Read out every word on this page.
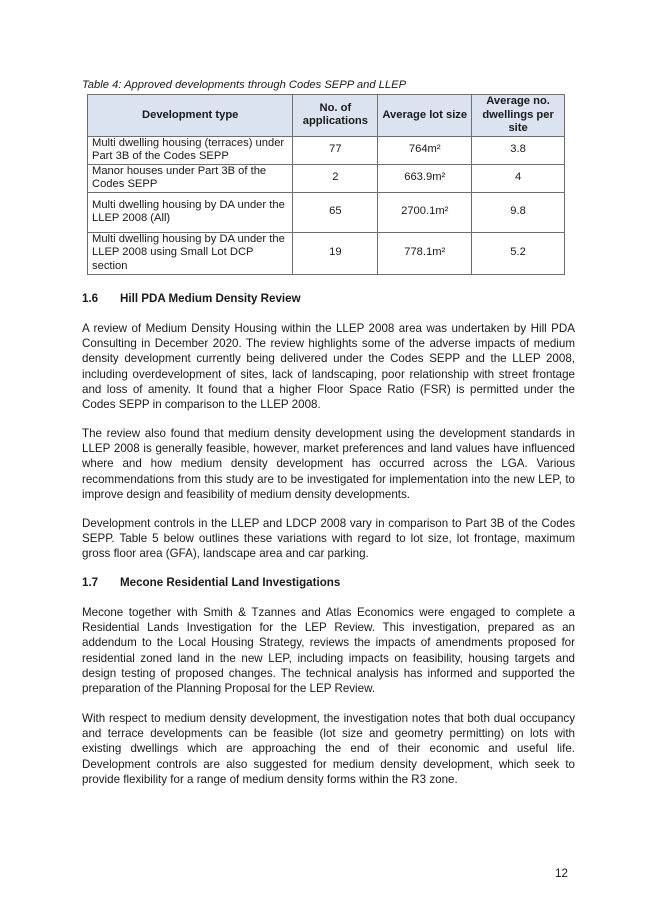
Table 4: Approved developments through Codes SEPP and LLEP
Development type	No. of applications	Average lot size	Average no. dwellings per site
Multi dwelling housing (terraces) under Part 3B of the Codes SEPP	77	764m²	3.8
Manor houses under Part 3B of the Codes SEPP	2	663.9m²	4
Multi dwelling housing by DA under the LLEP 2008 (All)	65	2700.1m²	9.8
Multi dwelling housing by DA under the LLEP 2008 using Small Lot DCP section	19	778.1m²	5.2
1.6 Hill PDA Medium Density Review

A review of Medium Density Housing within the LLEP 2008 area was undertaken by Hill PDA Consulting in December 2020. The review highlights some of the adverse impacts of medium density development currently being delivered under the Codes SEPP and the LLEP 2008, including overdevelopment of sites, lack of landscaping, poor relationship with street frontage and loss of amenity. It found that a higher Floor Space Ratio (FSR) is permitted under the Codes SEPP in comparison to the LLEP 2008.

The review also found that medium density development using the development standards in LLEP 2008 is generally feasible, however, market preferences and land values have influenced where and how medium density development has occurred across the LGA. Various recommendations from this study are to be investigated for implementation into the new LEP, to improve design and feasibility of medium density developments.

Development controls in the LLEP and LDCP 2008 vary in comparison to Part 3B of the Codes SEPP. Table 5 below outlines these variations with regard to lot size, lot frontage, maximum gross floor area (GFA), landscape area and car parking.

1.7 Mecone Residential Land Investigations

Mecone together with Smith & Tzannes and Atlas Economics were engaged to complete a Residential Lands Investigation for the LEP Review. This investigation, prepared as an addendum to the Local Housing Strategy, reviews the impacts of amendments proposed for residential zoned land in the new LEP, including impacts on feasibility, housing targets and design testing of proposed changes. The technical analysis has informed and supported the preparation of the Planning Proposal for the LEP Review.

With respect to medium density development, the investigation notes that both dual occupancy and terrace developments can be feasible (lot size and geometry permitting) on lots with existing dwellings which are approaching the end of their economic and useful life. Development controls are also suggested for medium density development, which seek to provide flexibility for a range of medium density forms within the R3 zone.

12
